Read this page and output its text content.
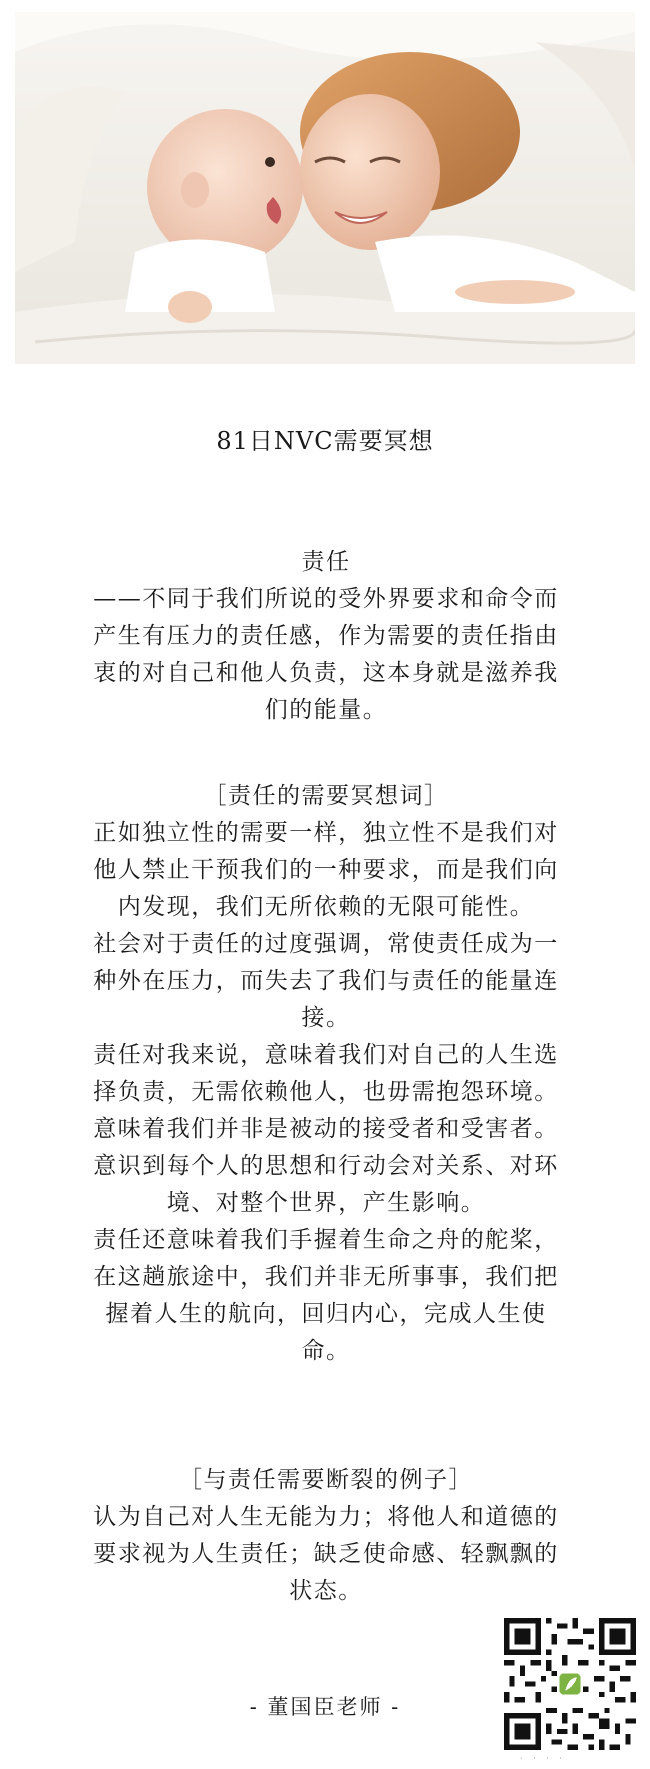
81日NVC需要冥想

责任

——不同于我们所说的受外界要求和命令而

产生有压力的责任感，作为需要的责任指由

衷的对自己和他人负责，这本身就是滋养我

们的能量。

［责任的需要冥想词］

正如独立性的需要一样，独立性不是我们对

他人禁止干预我们的一种要求，而是我们向

内发现，我们无所依赖的无限可能性。

社会对于责任的过度强调，常使责任成为一

种外在压力，而失去了我们与责任的能量连

接。

责任对我来说，意味着我们对自己的人生选

择负责，无需依赖他人，也毋需抱怨环境。

意味着我们并非是被动的接受者和受害者。

意识到每个人的思想和行动会对关系、对环

境、对整个世界，产生影响。

责任还意味着我们手握着生命之舟的舵桨，

在这趟旅途中，我们并非无所事事，我们把

握着人生的航向，回归内心，完成人生使

命。

［与责任需要断裂的例子］

认为自己对人生无能为力；将他人和道德的

要求视为人生责任；缺乏使命感、轻飘飘的

状态。

- 董国臣老师 -
· · · ·
